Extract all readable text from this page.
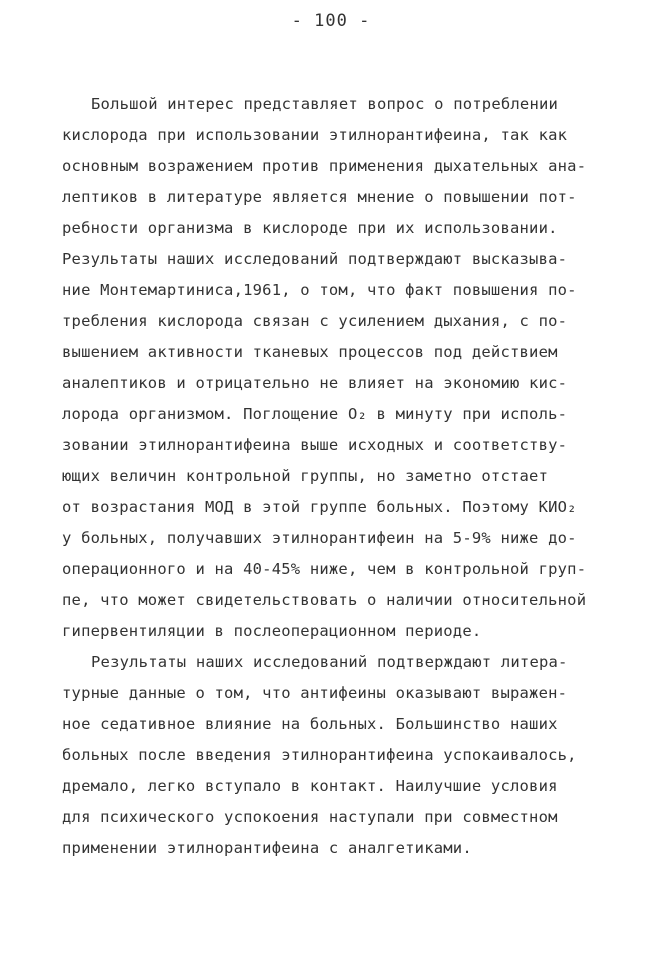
- 100 -
Большой интерес представляет вопрос о потреблении
кислорода при использовании этилнорантифеина, так как
основным возражением против применения дыхательных ана-
лептиков в литературе является мнение о повышении пот-
ребности организма в кислороде при их использовании.
Результаты наших исследований подтверждают высказыва-
ние Монтемартиниса,1961, о том, что факт повышения по-
требления кислорода связан с усилением дыхания, с по-
вышением активности тканевых процессов под действием
аналептиков и отрицательно не влияет на экономию кис-
лорода организмом. Поглощение O₂ в минуту при исполь-
зовании этилнорантифеина выше исходных и соответству-
ющих величин контрольной группы, но заметно отстает
от возрастания МОД в этой группе больных. Поэтому КИО₂
у больных, получавших этилнорантифеин на 5-9% ниже до-
операционного и на 40-45% ниже, чем в контрольной груп-
пе, что может свидетельствовать о наличии относительной
гипервентиляции в послеоперационном периоде.
Результаты наших исследований подтверждают литера-
турные данные о том, что антифеины оказывают выражен-
ное седативное влияние на больных. Большинство наших
больных после введения этилнорантифеина успокаивалось,
дремало, легко вступало в контакт. Наилучшие условия
для психического успокоения наступали при совместном
применении этилнорантифеина с аналгетиками.
